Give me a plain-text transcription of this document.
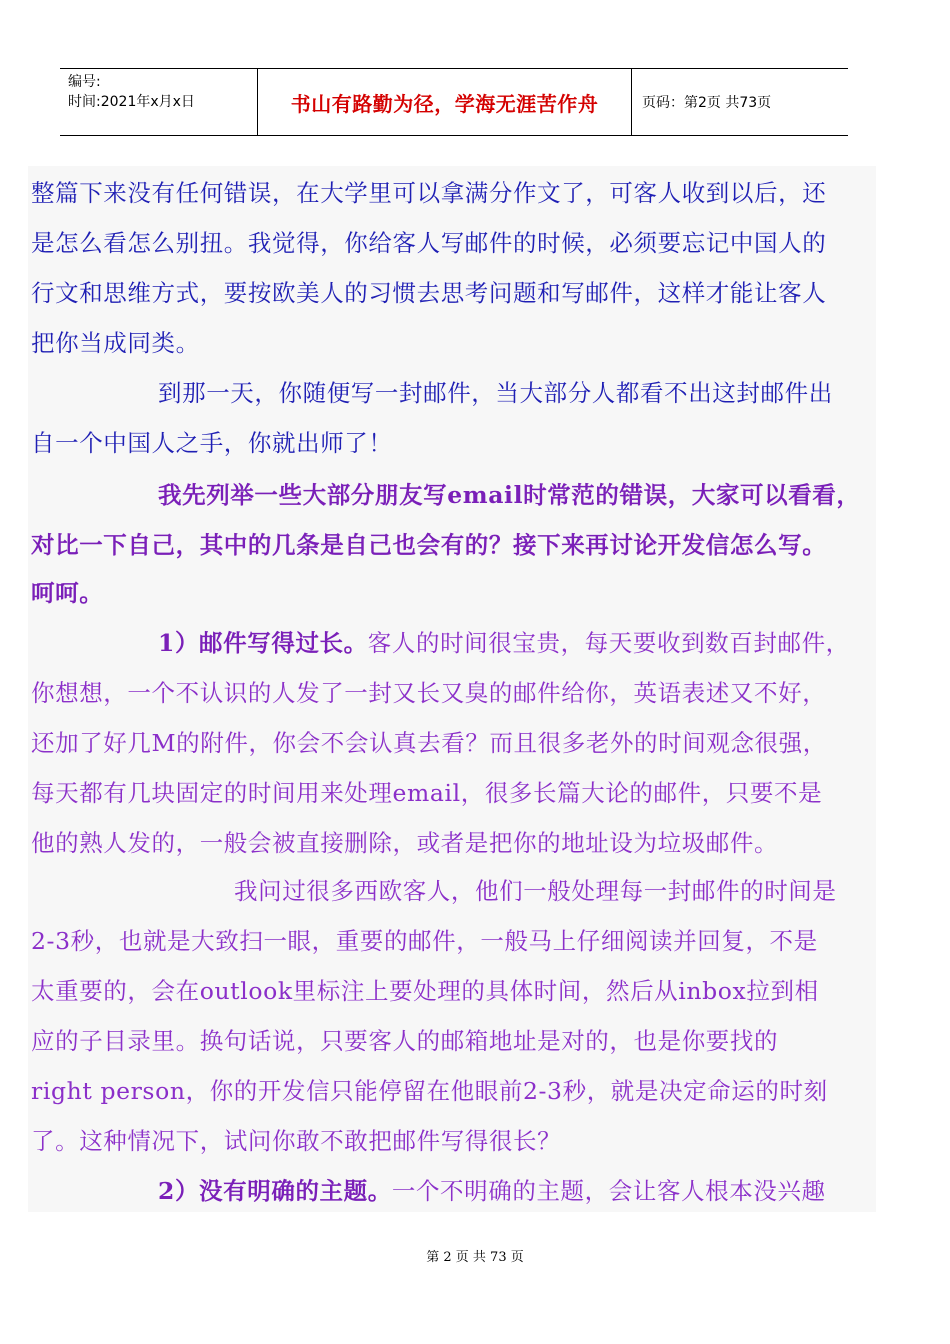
编号:
时间:2021年x月x日	书山有路勤为径，学海无涯苦作舟	页码：第2页 共73页
整篇下来没有任何错误，在大学里可以拿满分作文了，可客人收到以后，还
是怎么看怎么别扭。我觉得，你给客人写邮件的时候，必须要忘记中国人的
行文和思维方式，要按欧美人的习惯去思考问题和写邮件，这样才能让客人
把你当成同类。
到那一天，你随便写一封邮件，当大部分人都看不出这封邮件出
自一个中国人之手，你就出师了！
我先列举一些大部分朋友写email时常范的错误，大家可以看看，
对比一下自己，其中的几条是自己也会有的？接下来再讨论开发信怎么写。
呵呵。
1）邮件写得过长。客人的时间很宝贵，每天要收到数百封邮件，
你想想，一个不认识的人发了一封又长又臭的邮件给你，英语表述又不好，
还加了好几M的附件，你会不会认真去看？而且很多老外的时间观念很强，
每天都有几块固定的时间用来处理email，很多长篇大论的邮件，只要不是
他的熟人发的，一般会被直接删除，或者是把你的地址设为垃圾邮件。
我问过很多西欧客人，他们一般处理每一封邮件的时间是
2-3秒，也就是大致扫一眼，重要的邮件，一般马上仔细阅读并回复，不是
太重要的，会在outlook里标注上要处理的具体时间，然后从inbox拉到相
应的子目录里。换句话说，只要客人的邮箱地址是对的，也是你要找的
right person，你的开发信只能停留在他眼前2-3秒，就是决定命运的时刻
了。这种情况下，试问你敢不敢把邮件写得很长？
2）没有明确的主题。一个不明确的主题，会让客人根本没兴趣
第 2 页 共 73 页
